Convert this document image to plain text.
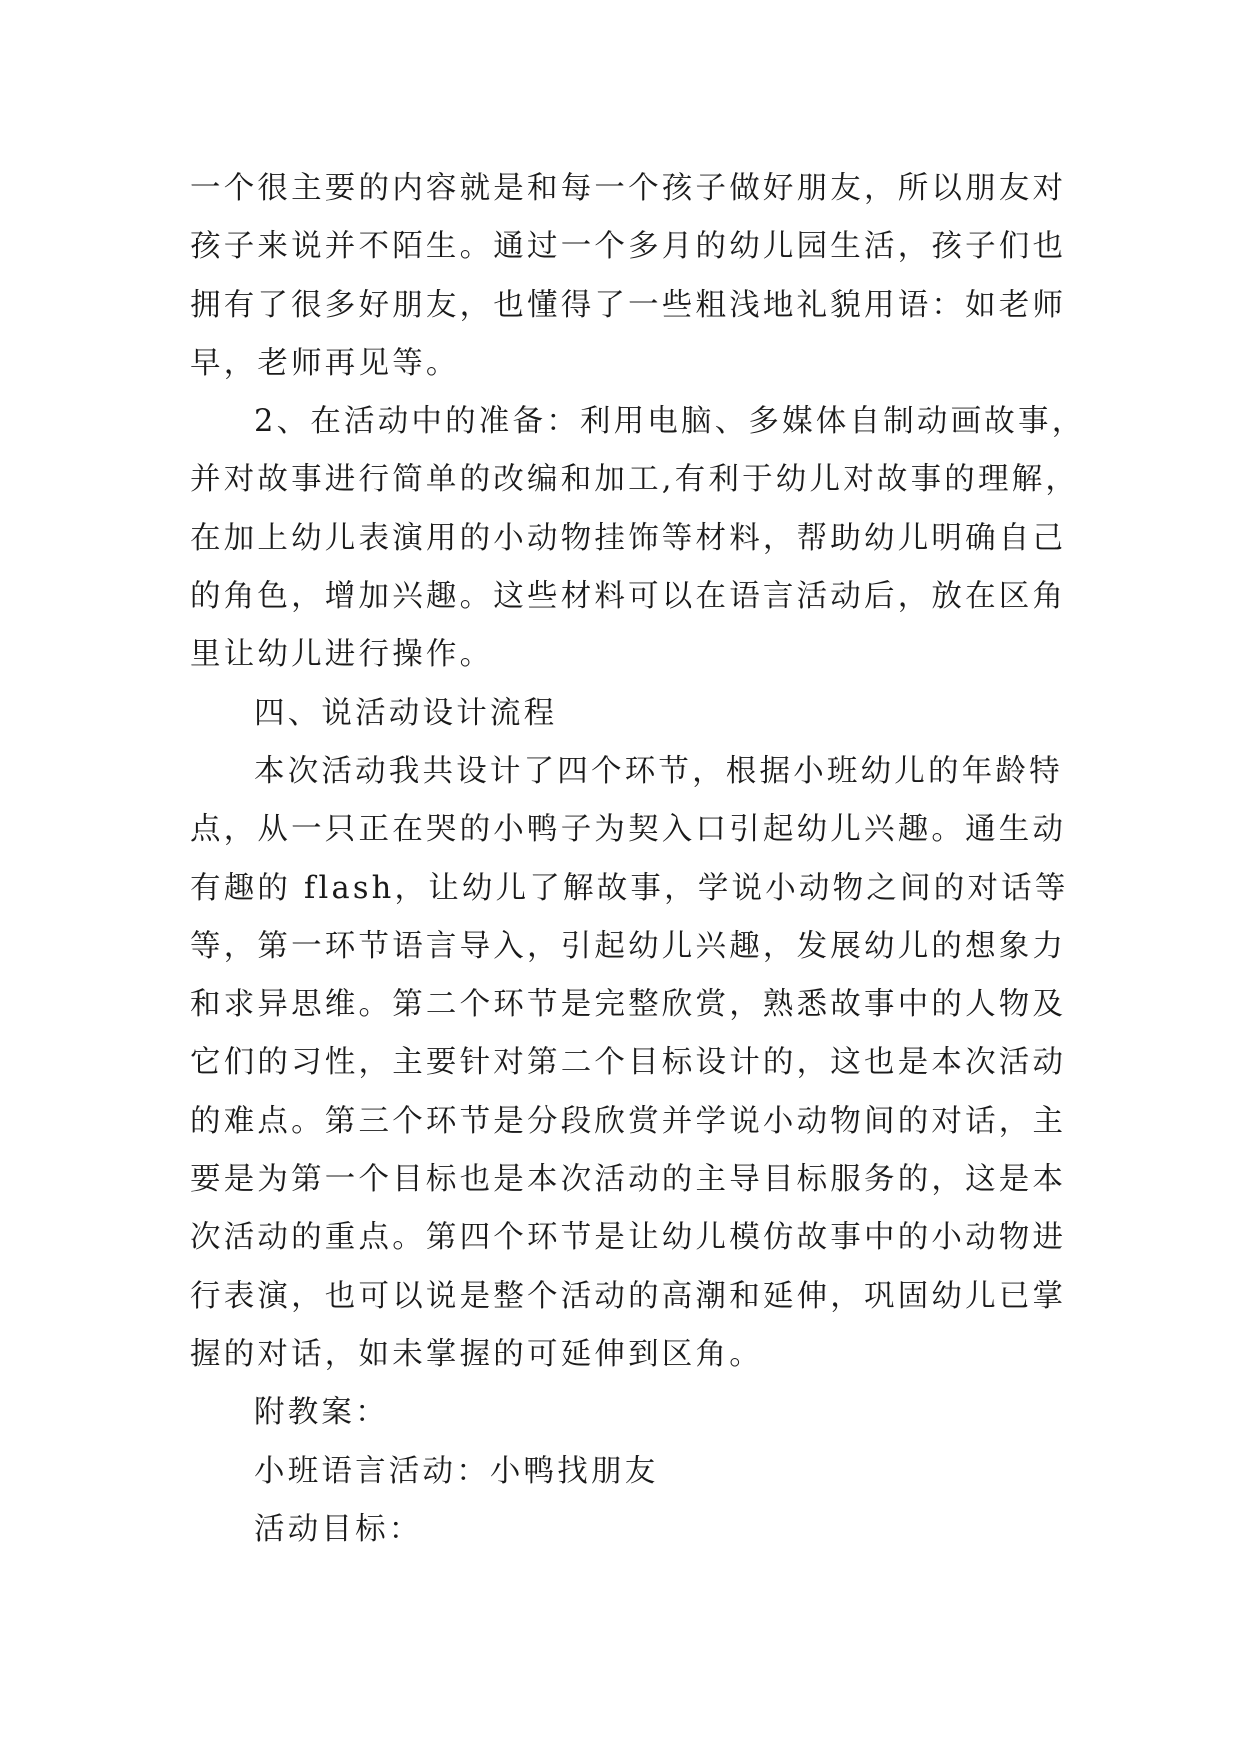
一个很主要的内容就是和每一个孩子做好朋友，所以朋友对

孩子来说并不陌生。通过一个多月的幼儿园生活，孩子们也

拥有了很多好朋友，也懂得了一些粗浅地礼貌用语：如老师

早，老师再见等。

2、在活动中的准备：利用电脑、多媒体自制动画故事，

并对故事进行简单的改编和加工,有利于幼儿对故事的理解，

在加上幼儿表演用的小动物挂饰等材料，帮助幼儿明确自己

的角色，增加兴趣。这些材料可以在语言活动后，放在区角

里让幼儿进行操作。

四、说活动设计流程

本次活动我共设计了四个环节，根据小班幼儿的年龄特

点，从一只正在哭的小鸭子为契入口引起幼儿兴趣。通生动

有趣的 flash，让幼儿了解故事，学说小动物之间的对话等

等，第一环节语言导入，引起幼儿兴趣，发展幼儿的想象力

和求异思维。第二个环节是完整欣赏，熟悉故事中的人物及

它们的习性，主要针对第二个目标设计的，这也是本次活动

的难点。第三个环节是分段欣赏并学说小动物间的对话，主

要是为第一个目标也是本次活动的主导目标服务的，这是本

次活动的重点。第四个环节是让幼儿模仿故事中的小动物进

行表演，也可以说是整个活动的高潮和延伸，巩固幼儿已掌

握的对话，如未掌握的可延伸到区角。

附教案：

小班语言活动：小鸭找朋友

活动目标：
